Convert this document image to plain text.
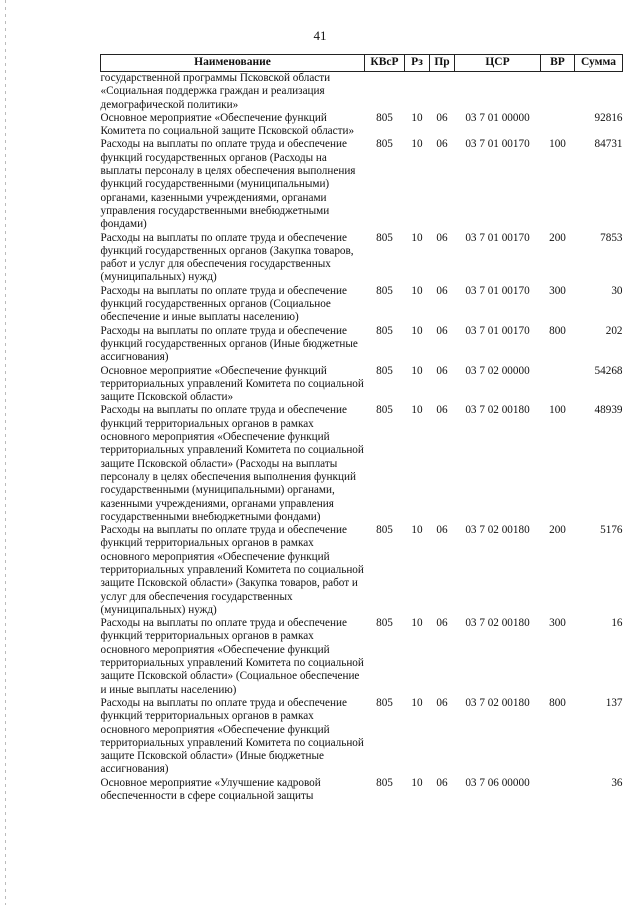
41
Наименование	КВсР	Рз	Пр	ЦСР	ВР	Сумма
государственной программы Псковской области «Социальная поддержка граждан и реализация демографической политики»						
Основное мероприятие «Обеспечение функций Комитета по социальной защите Псковской области»	805	10	06	03 7 01 00000		92816
Расходы на выплаты по оплате труда и обеспечение функций государственных органов (Расходы на выплаты персоналу в целях обеспечения выполнения функций государственными (муниципальными) органами, казенными учреждениями, органами управления государственными внебюджетными фондами)	805	10	06	03 7 01 00170	100	84731
Расходы на выплаты по оплате труда и обеспечение функций государственных органов (Закупка товаров, работ и услуг для обеспечения государственных (муниципальных) нужд)	805	10	06	03 7 01 00170	200	7853
Расходы на выплаты по оплате труда и обеспечение функций государственных органов (Социальное обеспечение и иные выплаты населению)	805	10	06	03 7 01 00170	300	30
Расходы на выплаты по оплате труда и обеспечение функций государственных органов (Иные бюджетные ассигнования)	805	10	06	03 7 01 00170	800	202
Основное мероприятие «Обеспечение функций территориальных управлений Комитета по социальной защите Псковской области»	805	10	06	03 7 02 00000		54268
Расходы на выплаты по оплате труда и обеспечение функций территориальных органов в рамках основного мероприятия «Обеспечение функций территориальных управлений Комитета по социальной защите Псковской области» (Расходы на выплаты персоналу в целях обеспечения выполнения функций государственными (муниципальными) органами, казенными учреждениями, органами управления государственными внебюджетными фондами)	805	10	06	03 7 02 00180	100	48939
Расходы на выплаты по оплате труда и обеспечение функций территориальных органов в рамках основного мероприятия «Обеспечение функций территориальных управлений Комитета по социальной защите Псковской области» (Закупка товаров, работ и услуг для обеспечения государственных (муниципальных) нужд)	805	10	06	03 7 02 00180	200	5176
Расходы на выплаты по оплате труда и обеспечение функций территориальных органов в рамках основного мероприятия «Обеспечение функций территориальных управлений Комитета по социальной защите Псковской области» (Социальное обеспечение и иные выплаты населению)	805	10	06	03 7 02 00180	300	16
Расходы на выплаты по оплате труда и обеспечение функций территориальных органов в рамках основного мероприятия «Обеспечение функций территориальных управлений Комитета по социальной защите Псковской области» (Иные бюджетные ассигнования)	805	10	06	03 7 02 00180	800	137
Основное мероприятие «Улучшение кадровой обеспеченности в сфере социальной защиты	805	10	06	03 7 06 00000		36
